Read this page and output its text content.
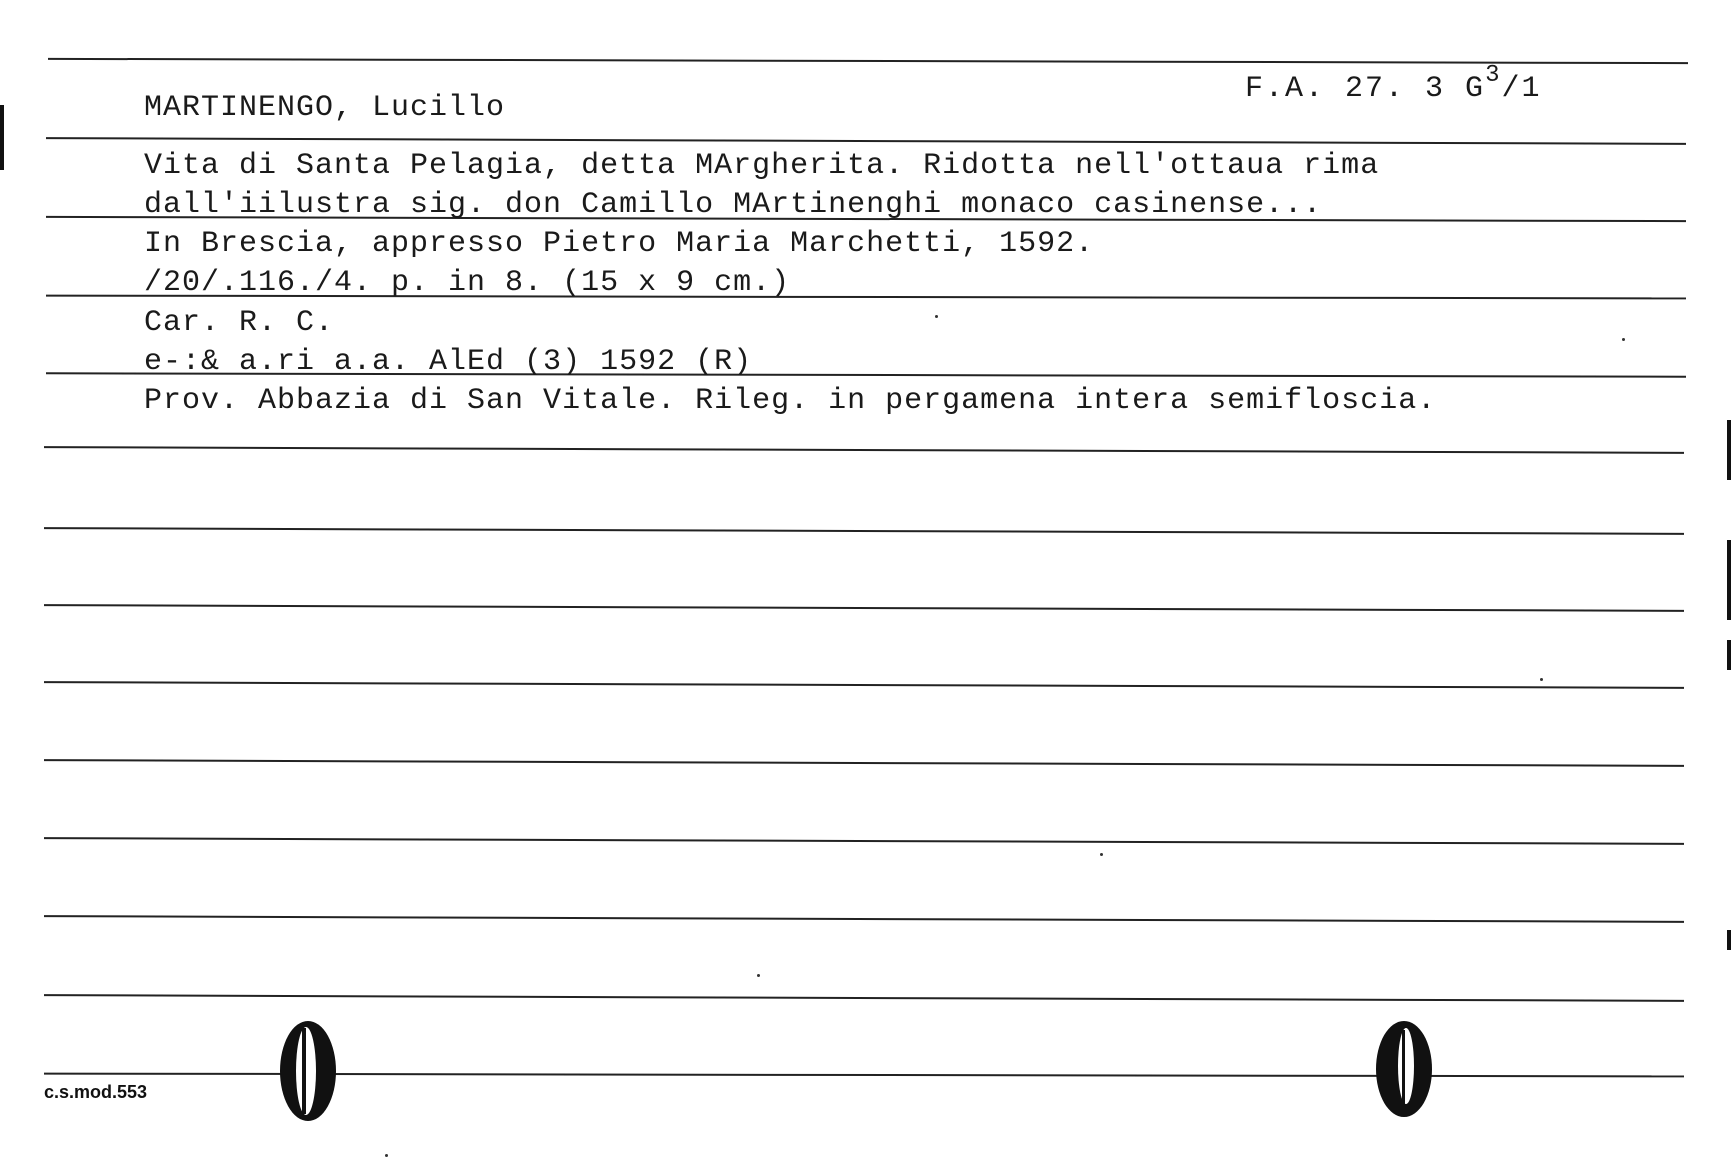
F.A. 27. 3 $G^3/1$

MARTINENGO, Lucillo
Vita di Santa Pelagia, detta MArgherita. Ridotta nell'ottaua rima
dall'iilustra sig. don Camillo MArtinenghi monaco casinense...
In Brescia, appresso Pietro Maria Marchetti, 1592.
/20/.116./4. p. in 8. (15 x 9 cm.)
Car. R. C.
e-:& a.ri a.a. AlEd (3) 1592 (R)
Prov. Abbazia di San Vitale. Rileg. in pergamena intera semifloscia.
c.s.mod.553
